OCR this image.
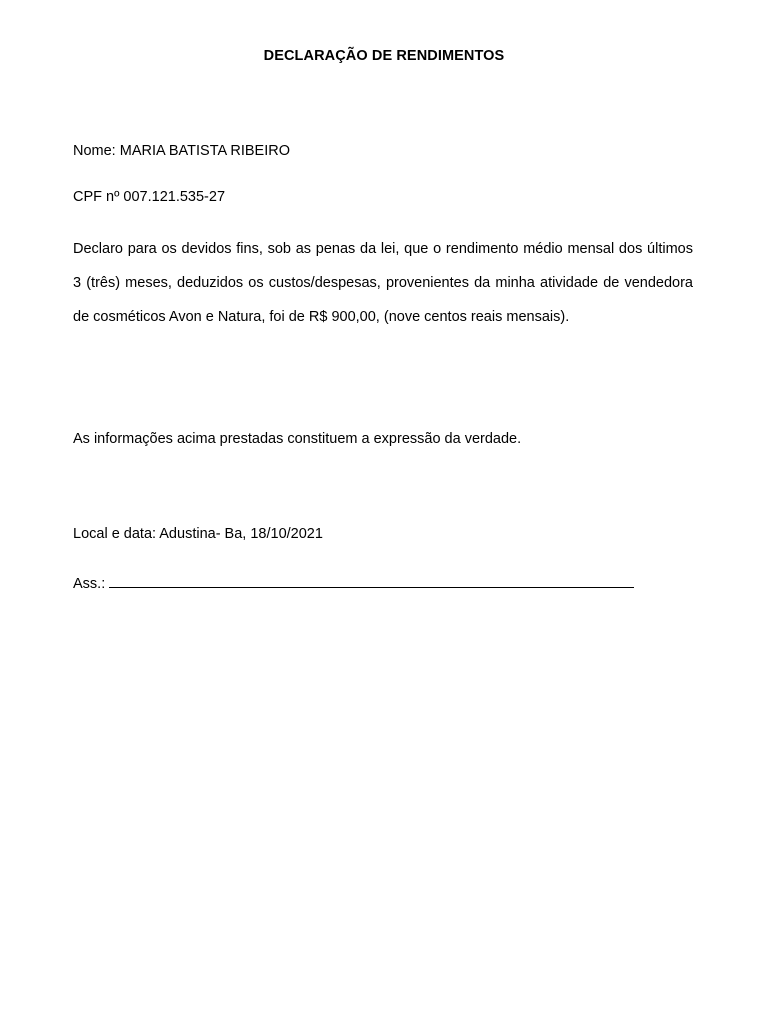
DECLARAÇÃO DE RENDIMENTOS
Nome: MARIA BATISTA RIBEIRO
CPF nº 007.121.535-27
Declaro para os devidos fins, sob as penas da lei, que o rendimento médio mensal dos últimos 3 (três) meses, deduzidos os custos/despesas, provenientes da minha atividade de vendedora de cosméticos Avon e Natura, foi de R$ 900,00, (nove centos reais mensais).
As informações acima prestadas constituem a expressão da verdade.
Local e data: Adustina- Ba, 18/10/2021
Ass.:
